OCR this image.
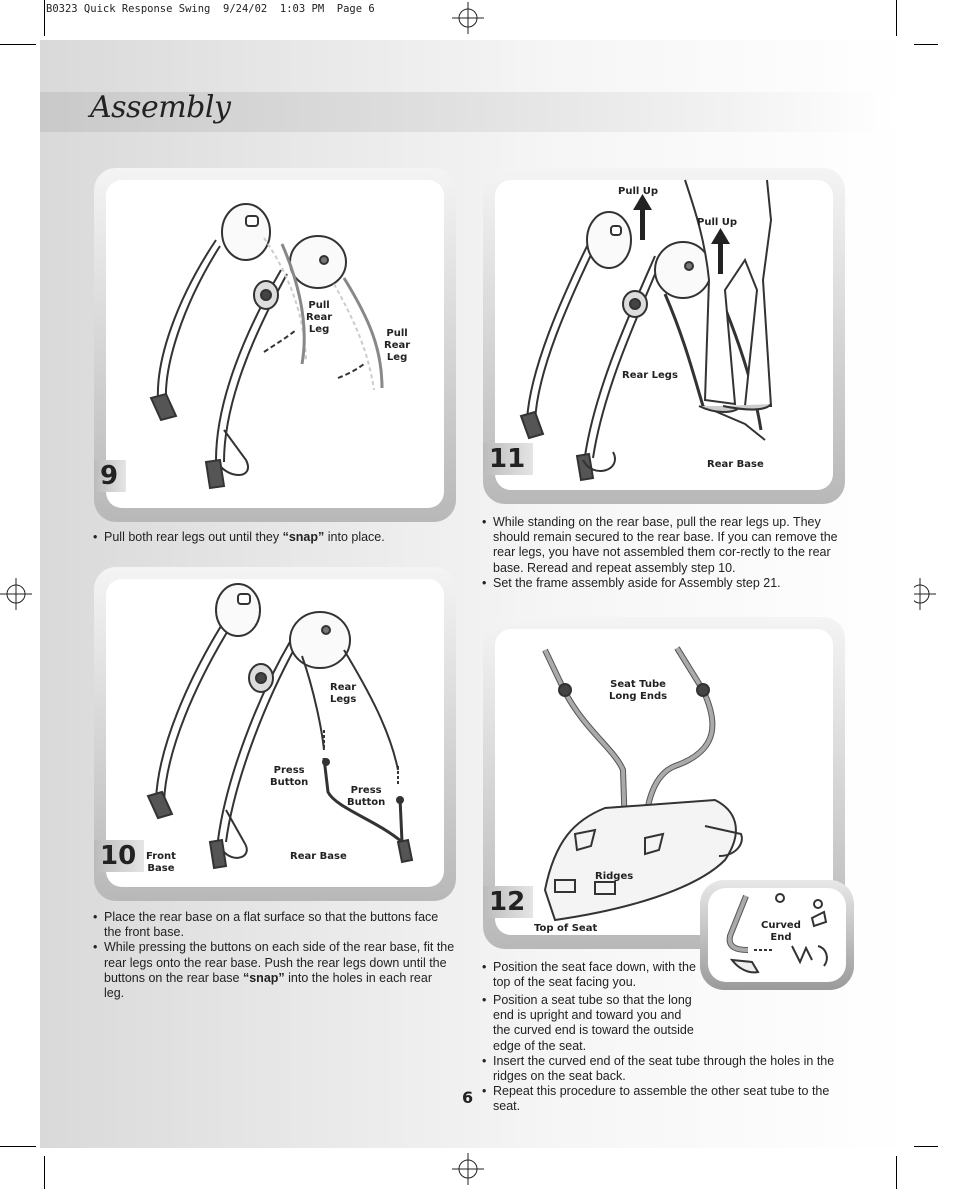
B0323 Quick Response Swing  9/24/02  1:03 PM  Page 6
Assembly
Pull
Rear
Leg	Pull
Rear
Leg
9
• Pull both rear legs out until they “snap” into place.
Rear
Legs
Press
Button
Press
Button
Front
Base
Rear Base
10
• Place the rear base on a flat surface so that the buttons face the front base.
• While pressing the buttons on each side of the rear base, fit the rear legs onto the rear base. Push the rear legs down until the buttons on the rear base “snap” into the holes in each rear leg.
Pull Up
Pull Up
Rear Legs
Rear Base
11
• While standing on the rear base, pull the rear legs up. They should remain secured to the rear base. If you can remove the rear legs, you have not assembled them cor-rectly to the rear base. Reread and repeat assembly step 10.
• Set the frame assembly aside for Assembly step 21.
Seat Tube
Long Ends
Ridges
Top of Seat
12
Curved
End
• Position the seat face down, with the top of the seat facing you.
• Position a seat tube so that the long end is upright and toward you and the curved end is toward the outside edge of the seat.
• Insert the curved end of the seat tube through the holes in the ridges on the seat back.
• Repeat this procedure to assemble the other seat tube to the seat.
6
